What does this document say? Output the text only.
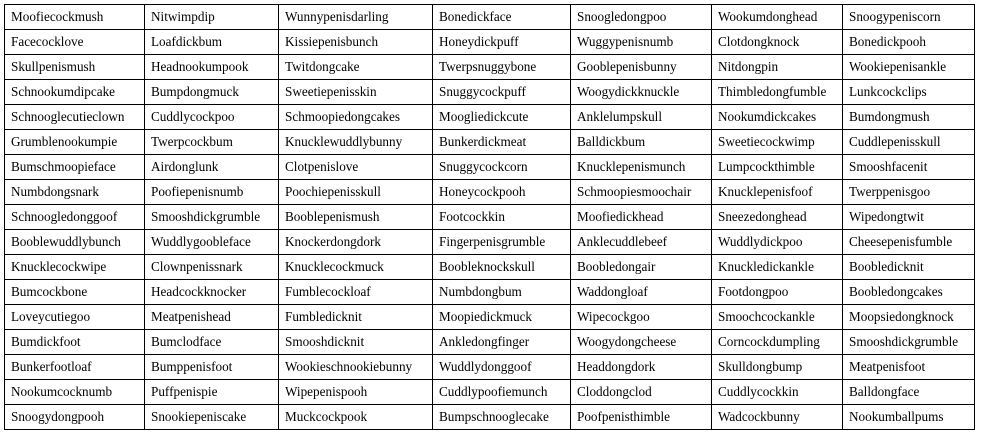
Moofiecockmush	Nitwimpdip	Wunnypenisdarling	Bonedickface	Snoogledongpoo	Wookumdonghead	Snoogypeniscorn
Facecocklove	Loafdickbum	Kissiepenisbunch	Honeydickpuff	Wuggypenisnumb	Clotdongknock	Bonedickpooh
Skullpenismush	Headnookumpook	Twitdongcake	Twerpsnuggybone	Gooblepenisbunny	Nitdongpin	Wookiepenisankle
Schnookumdipcake	Bumpdongmuck	Sweetiepenisskin	Snuggycockpuff	Woogydickknuckle	Thimbledongfumble	Lunkcockclips
Schnooglecutieclown	Cuddlycockpoo	Schmoopiedongcakes	Moogliedickcute	Anklelumpskull	Nookumdickcakes	Bumdongmush
Grumblenookumpie	Twerpcockbum	Knucklewuddlybunny	Bunkerdickmeat	Balldickbum	Sweetiecockwimp	Cuddlepenisskull
Bumschmoopieface	Airdonglunk	Clotpenislove	Snuggycockcorn	Knucklepenismunch	Lumpcockthimble	Smooshfacenit
Numbdongsnark	Poofiepenisnumb	Poochiepenisskull	Honeycockpooh	Schmoopiesmoochair	Knucklepenisfoof	Twerppenisgoo
Schnoogledonggoof	Smooshdickgrumble	Booblepenismush	Footcockkin	Moofiedickhead	Sneezedonghead	Wipedongtwit
Booblewuddlybunch	Wuddlygoobleface	Knockerdongdork	Fingerpenisgrumble	Anklecuddlebeef	Wuddlydickpoo	Cheesepenisfumble
Knucklecockwipe	Clownpenissnark	Knucklecockmuck	Boobleknockskull	Boobledongair	Knuckledickankle	Boobledicknit
Bumcockbone	Headcockknocker	Fumblecockloaf	Numbdongbum	Waddongloaf	Footdongpoo	Boobledongcakes
Loveycutiegoo	Meatpenishead	Fumbledicknit	Moopiedickmuck	Wipecockgoo	Smoochcockankle	Moopsiedongknock
Bumdickfoot	Bumclodface	Smooshdicknit	Ankledongfinger	Woogydongcheese	Corncockdumpling	Smooshdickgrumble
Bunkerfootloaf	Bumppenisfoot	Wookieschnookiebunny	Wuddlydonggoof	Headdongdork	Skulldongbump	Meatpenisfoot
Nookumcocknumb	Puffpenispie	Wipepenispooh	Cuddlypoofiemunch	Cloddongclod	Cuddlycockkin	Balldongface
Snoogydongpooh	Snookiepeniscake	Muckcockpook	Bumpschnooglecake	Poofpenisthimble	Wadcockbunny	Nookumballpums
